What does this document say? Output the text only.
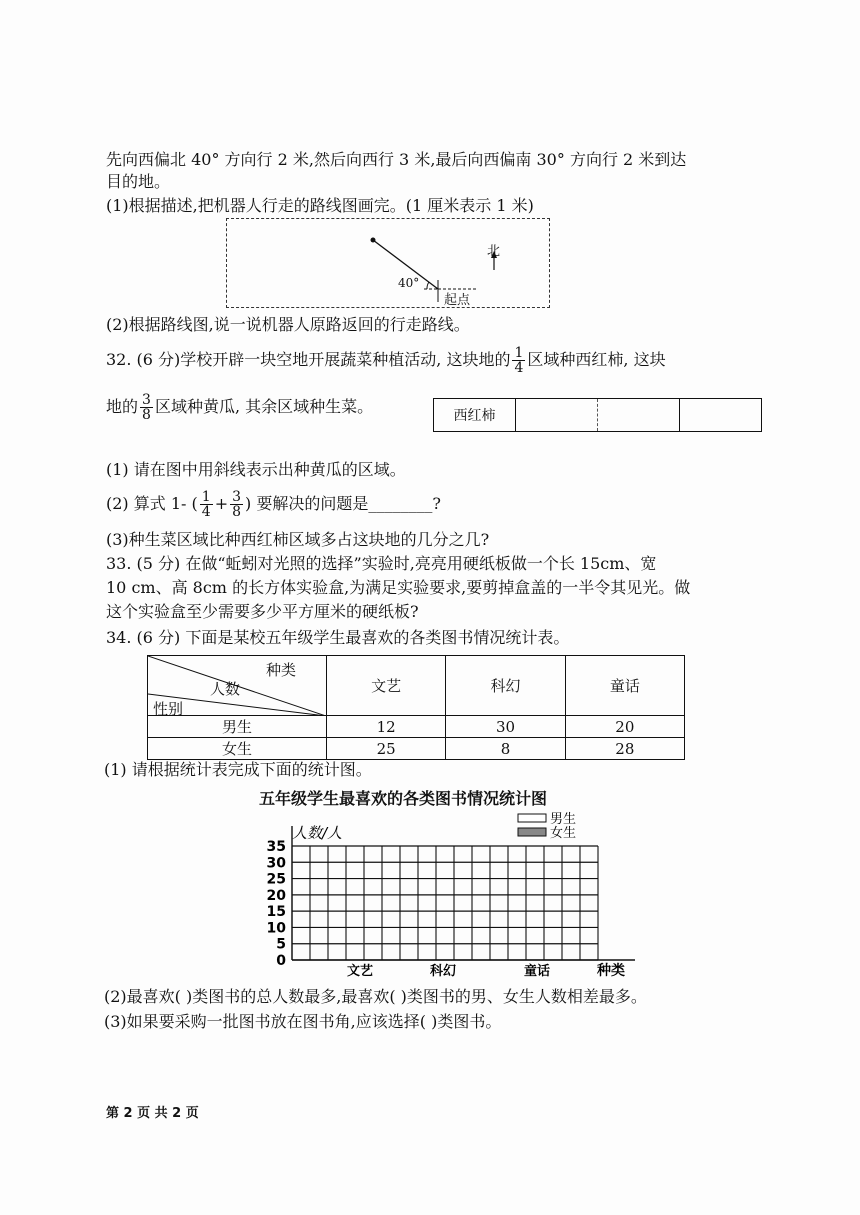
先向西偏北 40° 方向行 2 米,然后向西行 3 米,最后向西偏南 30° 方向行 2 米到达
目的地。
(1)根据描述,把机器人行走的路线图画完。(1 厘米表示 1 米)
北
40°
起点
(2)根据路线图,说一说机器人原路返回的行走路线。
32. (6 分)学校开辟一块空地开展蔬菜种植活动, 这块地的 $\frac{1}{4}$ 区域种西红柿, 这块
地的 $\frac{3}{8}$ 区域种黄瓜, 其余区域种生菜。	西红柿
(1) 请在图中用斜线表示出种黄瓜的区域。
(2) 算式 1- ( $\frac{1}{4} + \frac{3}{8}$ ) 要解决的问题是________?
(3)种生菜区域比种西红柿区域多占这块地的几分之几?
33. (5 分) 在做“蚯蚓对光照的选择”实验时,亮亮用硬纸板做一个长 15cm、宽
10 cm、高 8cm 的长方体实验盒,为满足实验要求,要剪掉盒盖的一半令其见光。做
这个实验盒至少需要多少平方厘米的硬纸板?
34. (6 分) 下面是某校五年级学生最喜欢的各类图书情况统计表。
种类
人数
性别	文艺	科幻	童话
男生	12	30	20
女生	25	8	28
(1) 请根据统计表完成下面的统计图。
五年级学生最喜欢的各类图书情况统计图
0
5
10
15
20
25
30
35
文艺	科幻	童话
男生
女生
人数/人
种类
(2)最喜欢( )类图书的总人数最多,最喜欢( )类图书的男、女生人数相差最多。
(3)如果要采购一批图书放在图书角,应该选择( )类图书。
第 2 页 共 2 页
